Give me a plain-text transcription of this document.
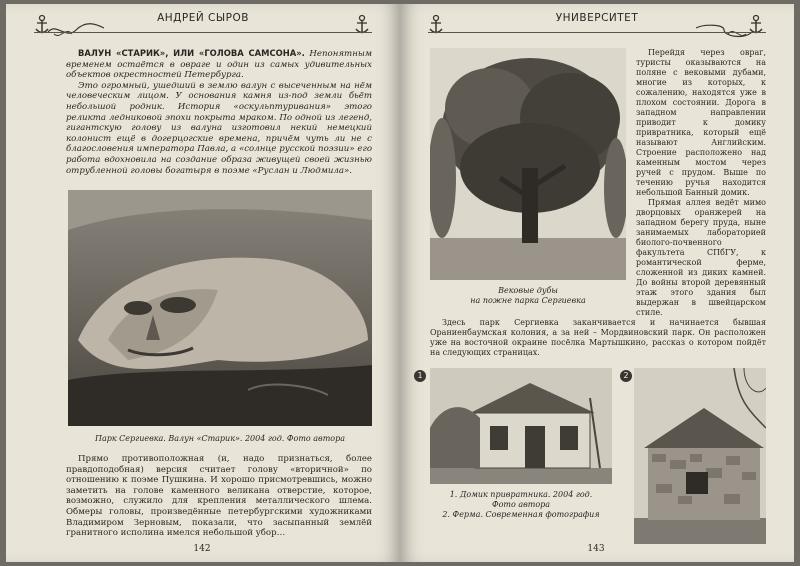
АНДРЕЙ СЫРОВ

ВАЛУН «СТАРИК», ИЛИ «ГОЛОВА САМСОНА». Непонятным временем остаётся в овраге и один из самых удивительных объектов окрестностей Петербурга.

Это огромный, ушедший в землю валун с высеченным на нём человеческим лицом. У основания камня из-под земли бьёт небольшой родник. История «оскульптуривания» этого реликта ледниковой эпохи покрыта мраком. По одной из легенд, гигантскую голову из валуна изготовил некий немецкий колонист ещё в догерцогские времена, причём чуть ли не с благословения императора Павла, а «солнце русской поэзии» его работа вдохновила на создание образа живущей своей жизнью отрубленной головы богатыря в поэме «Руслан и Людмила».

Парк Сергиевка. Валун «Старик». 2004 год. Фото автора

Прямо противоположная (и, надо признаться, более правдоподобная) версия считает голову «вторичной» по отношению к поэме Пушкина. И хорошо присмотревшись, можно заметить на голове каменного великана отверстие, которое, возможно, служило для крепления металлического шлема. Обмеры головы, произведённые петербургскими художниками Владимиром Зерновым, показали, что засыпанный землёй гранитного исполина имелся небольшой убор…

142
УНИВЕРСИТЕТ
Вековые дубы
на пожне парка Сергиевка

Перейдя через овраг, туристы оказываются на поляне с вековыми дубами, многие из которых, к сожалению, находятся уже в плохом состоянии. Дорога в западном направлении приводит к домику привратника, который ещё называют Английским. Строение расположено над каменным мостом через ручей с прудом. Выше по течению ручья находится небольшой Банный домик.

Прямая аллея ведёт мимо дворцовых оранжерей на западном берегу пруда, ныне занимаемых лабораторией биолого-почвенного факультета СПбГУ, к романтической ферме, сложенной из диких камней. До войны второй деревянный этаж этого здания был выдержан в швейцарском стиле.

Здесь парк Сергиевка заканчивается и начинается бывшая Ораниенбаумская колония, а за ней – Мордвиновский парк. Он расположен уже на восточной окраине посёлка Мартышкино, рассказ о котором пойдёт на следующих страницах.

1	2
1. Домик привратника. 2004 год.
Фото автора
2. Ферма. Современная фотография
143
